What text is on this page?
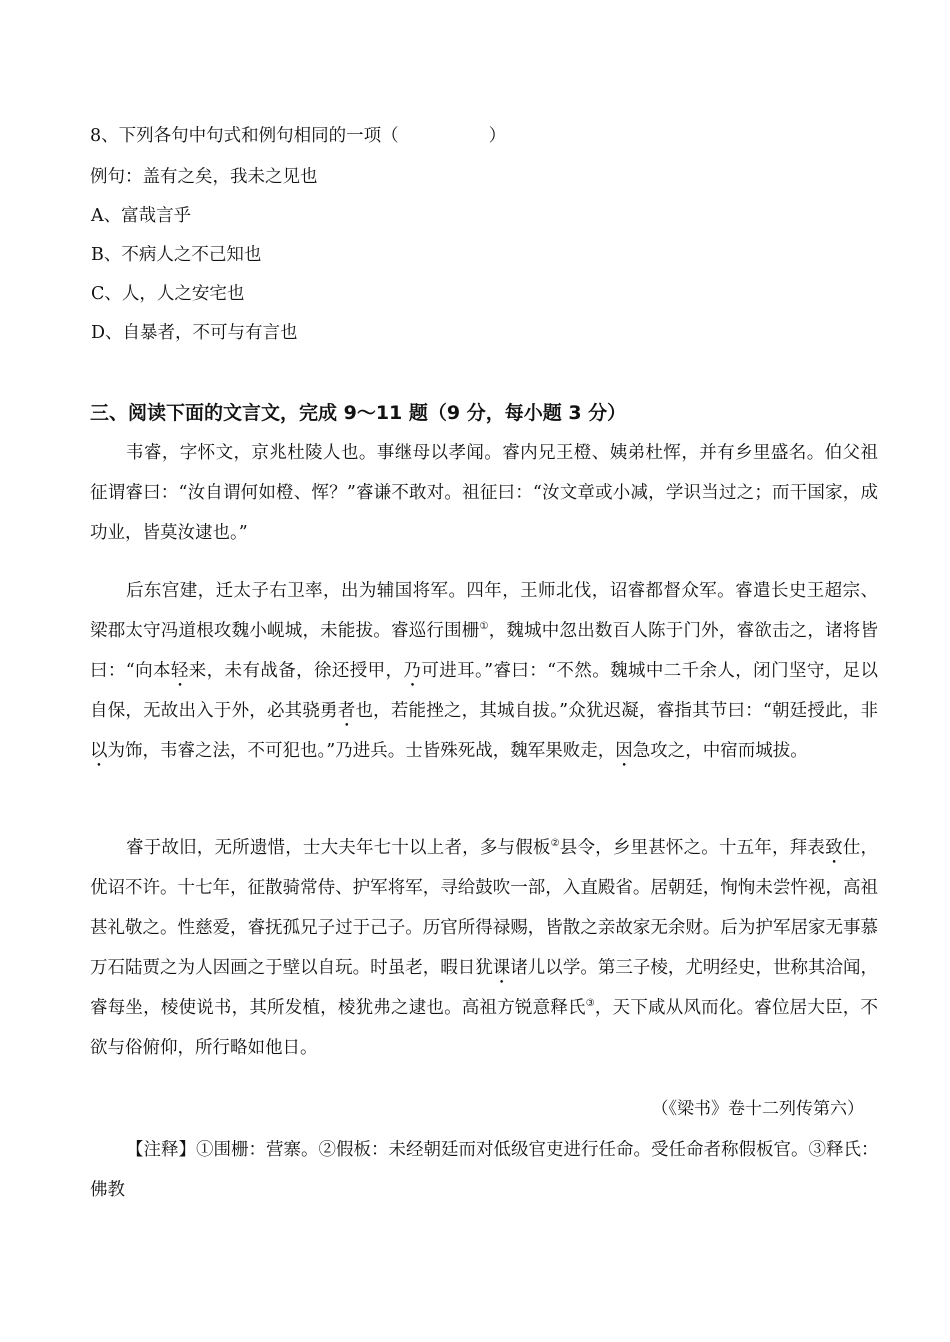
8、下列各句中句式和例句相同的一项（	）
例句：盖有之矣，我未之见也
A、富哉言乎
B、不病人之不己知也
C、人，人之安宅也
D、自暴者，不可与有言也
三、阅读下面的文言文，完成 9～11 题（9 分，每小题 3 分）
韦睿，字怀文，京兆杜陵人也。事继母以孝闻。睿内兄王橙、姨弟杜恽，并有乡里盛名。伯父祖征谓睿曰：“汝自谓何如橙、恽？”睿谦不敢对。祖征曰：“汝文章或小减，学识当过之；而干国家，成功业，皆莫汝逮也。”
后东宫建，迁太子右卫率，出为辅国将军。四年，王师北伐，诏睿都督众军。睿遣长史王超宗、梁郡太守冯道根攻魏小岘城，未能拔。睿巡行围栅①，魏城中忽出数百人陈于门外，睿欲击之，诸将皆曰：“向本轻来，未有战备，徐还授甲，乃可进耳。”睿曰：“不然。魏城中二千余人，闭门坚守，足以自保，无故出入于外，必其骁勇者也，若能挫之，其城自拔。”众犹迟凝，睿指其节曰：“朝廷授此，非以为饰，韦睿之法，不可犯也。”乃进兵。士皆殊死战，魏军果败走，因急攻之，中宿而城拔。
睿于故旧，无所遗惜，士大夫年七十以上者，多与假板②县令，乡里甚怀之。十五年，拜表致仕，优诏不许。十七年，征散骑常侍、护军将军，寻给鼓吹一部，入直殿省。居朝廷，恂恂未尝忤视，高祖甚礼敬之。性慈爱，睿抚孤兄子过于己子。历官所得禄赐，皆散之亲故家无余财。后为护军居家无事慕万石陆贾之为人因画之于壁以自玩。时虽老，暇日犹课诸儿以学。第三子棱，尤明经史，世称其洽闻，睿每坐，棱使说书，其所发植，棱犹弗之逮也。高祖方锐意释氏③，天下咸从风而化。睿位居大臣，不欲与俗俯仰，所行略如他日。
（《梁书》卷十二列传第六）
【注释】①围栅：营寨。②假板：未经朝廷而对低级官吏进行任命。受任命者称假板官。③释氏：佛教
